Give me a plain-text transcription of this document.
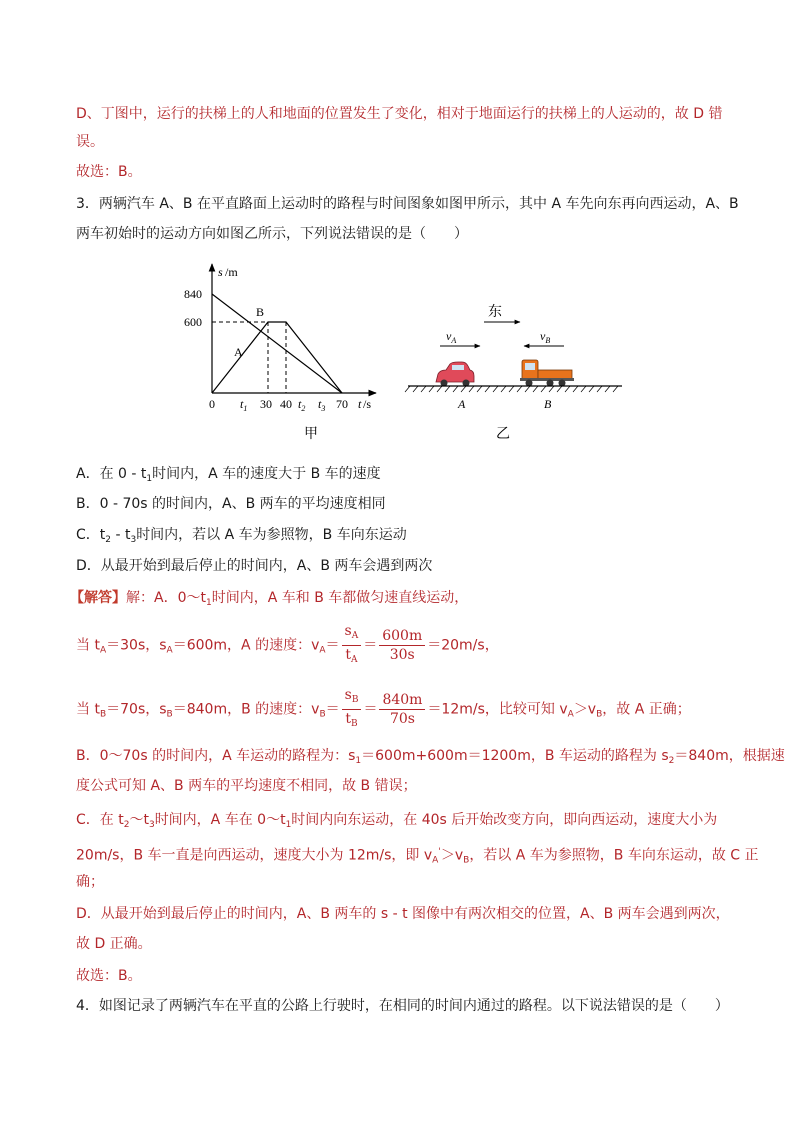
D、丁图中，运行的扶梯上的人和地面的位置发生了变化，相对于地面运行的扶梯上的人运动的，故 D 错
误。
故选：B。
3．两辆汽车 A、B 在平直路面上运动时的路程与时间图象如图甲所示，其中 A 车先向东再向西运动，A、B
两车初始时的运动方向如图乙所示，下列说法错误的是（　　）
s /m
840
600
B
A
0 $t_1$ 30 40 $t_2$ $t_3$ 70 t /s
甲
东
$v_A$	$v_B$
A	B
乙
A．在 $0 - t_1$时间内，A 车的速度大于 B 车的速度
B．0 - 70s 的时间内，A、B 两车的平均速度相同
C．$t_2 - t_3$时间内，若以 A 车为参照物，B 车向东运动
D．从最开始到最后停止的时间内，A、B 两车会遇到两次
【解答】解：A．$0\sim t_1$时间内，A 车和 B 车都做匀速直线运动，
当 $t_A=30s$，$s_A=600m$，A 的速度：$v_A= \frac{s_A}{t_A} = \frac{600m}{30s} =20m/s$，
当 $t_B=70s$，$s_B=840m$，B 的速度：$v_B= \frac{s_B}{t_B} = \frac{840m}{70s} =12m/s$，比较可知 $v_A>v_B$，故 A 正确；
B．0～70s 的时间内，A 车运动的路程为：$s_1=600m+600m=1200m$，B 车运动的路程为 $s_2=840m$，根据速
度公式可知 A、B 两车的平均速度不相同，故 B 错误；
C．在 $t_2\sim t_3$时间内，A 车在 $0\sim t_1$时间内向东运动，在 40s 后开始改变方向，即向西运动，速度大小为
20m/s，B 车一直是向西运动，速度大小为 12m/s，即 $v_A'>v_B$，若以 A 车为参照物，B 车向东运动，故 C 正
确；
D．从最开始到最后停止的时间内，A、B 两车的 s - t 图像中有两次相交的位置，A、B 两车会遇到两次，
故 D 正确。
故选：B。
4．如图记录了两辆汽车在平直的公路上行驶时，在相同的时间内通过的路程。以下说法错误的是（　　）
